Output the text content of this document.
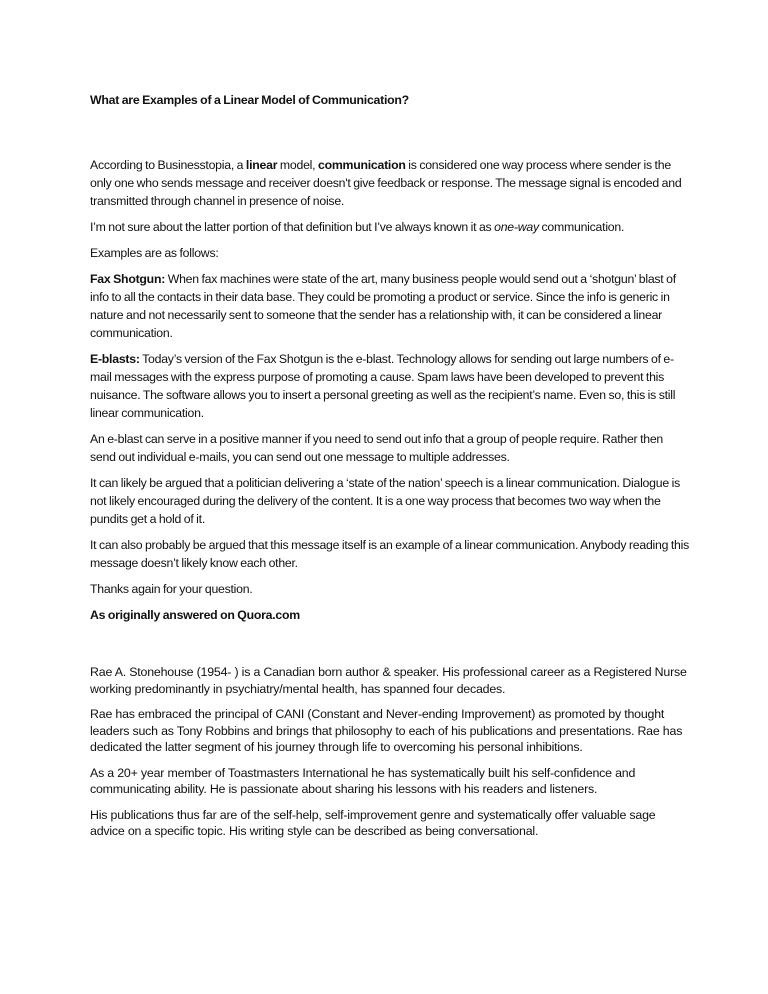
What are Examples of a Linear Model of Communication?

According to Businesstopia, a linear model, communication is considered one way process where sender is the only one who sends message and receiver doesn't give feedback or response. The message signal is encoded and transmitted through channel in presence of noise.

I’m not sure about the latter portion of that definition but I’ve always known it as one-way communication.

Examples are as follows:

Fax Shotgun: When fax machines were state of the art, many business people would send out a ‘shotgun’ blast of info to all the contacts in their data base. They could be promoting a product or service. Since the info is generic in nature and not necessarily sent to someone that the sender has a relationship with, it can be considered a linear communication.

E-blasts: Today’s version of the Fax Shotgun is the e-blast. Technology allows for sending out large numbers of e-mail messages with the express purpose of promoting a cause. Spam laws have been developed to prevent this nuisance. The software allows you to insert a personal greeting as well as the recipient’s name. Even so, this is still linear communication.

An e-blast can serve in a positive manner if you need to send out info that a group of people require. Rather then send out individual e-mails, you can send out one message to multiple addresses.

It can likely be argued that a politician delivering a ‘state of the nation’ speech is a linear communication. Dialogue is not likely encouraged during the delivery of the content. It is a one way process that becomes two way when the pundits get a hold of it.

It can also probably be argued that this message itself is an example of a linear communication. Anybody reading this message doesn’t likely know each other.

Thanks again for your question.

As originally answered on Quora.com

Rae A. Stonehouse (1954- ) is a Canadian born author & speaker. His professional career as a Registered Nurse working predominantly in psychiatry/mental health, has spanned four decades.

Rae has embraced the principal of CANI (Constant and Never-ending Improvement) as promoted by thought leaders such as Tony Robbins and brings that philosophy to each of his publications and presentations. Rae has dedicated the latter segment of his journey through life to overcoming his personal inhibitions.

As a 20+ year member of Toastmasters International he has systematically built his self-confidence and communicating ability. He is passionate about sharing his lessons with his readers and listeners.

His publications thus far are of the self-help, self-improvement genre and systematically offer valuable sage advice on a specific topic. His writing style can be described as being conversational.
